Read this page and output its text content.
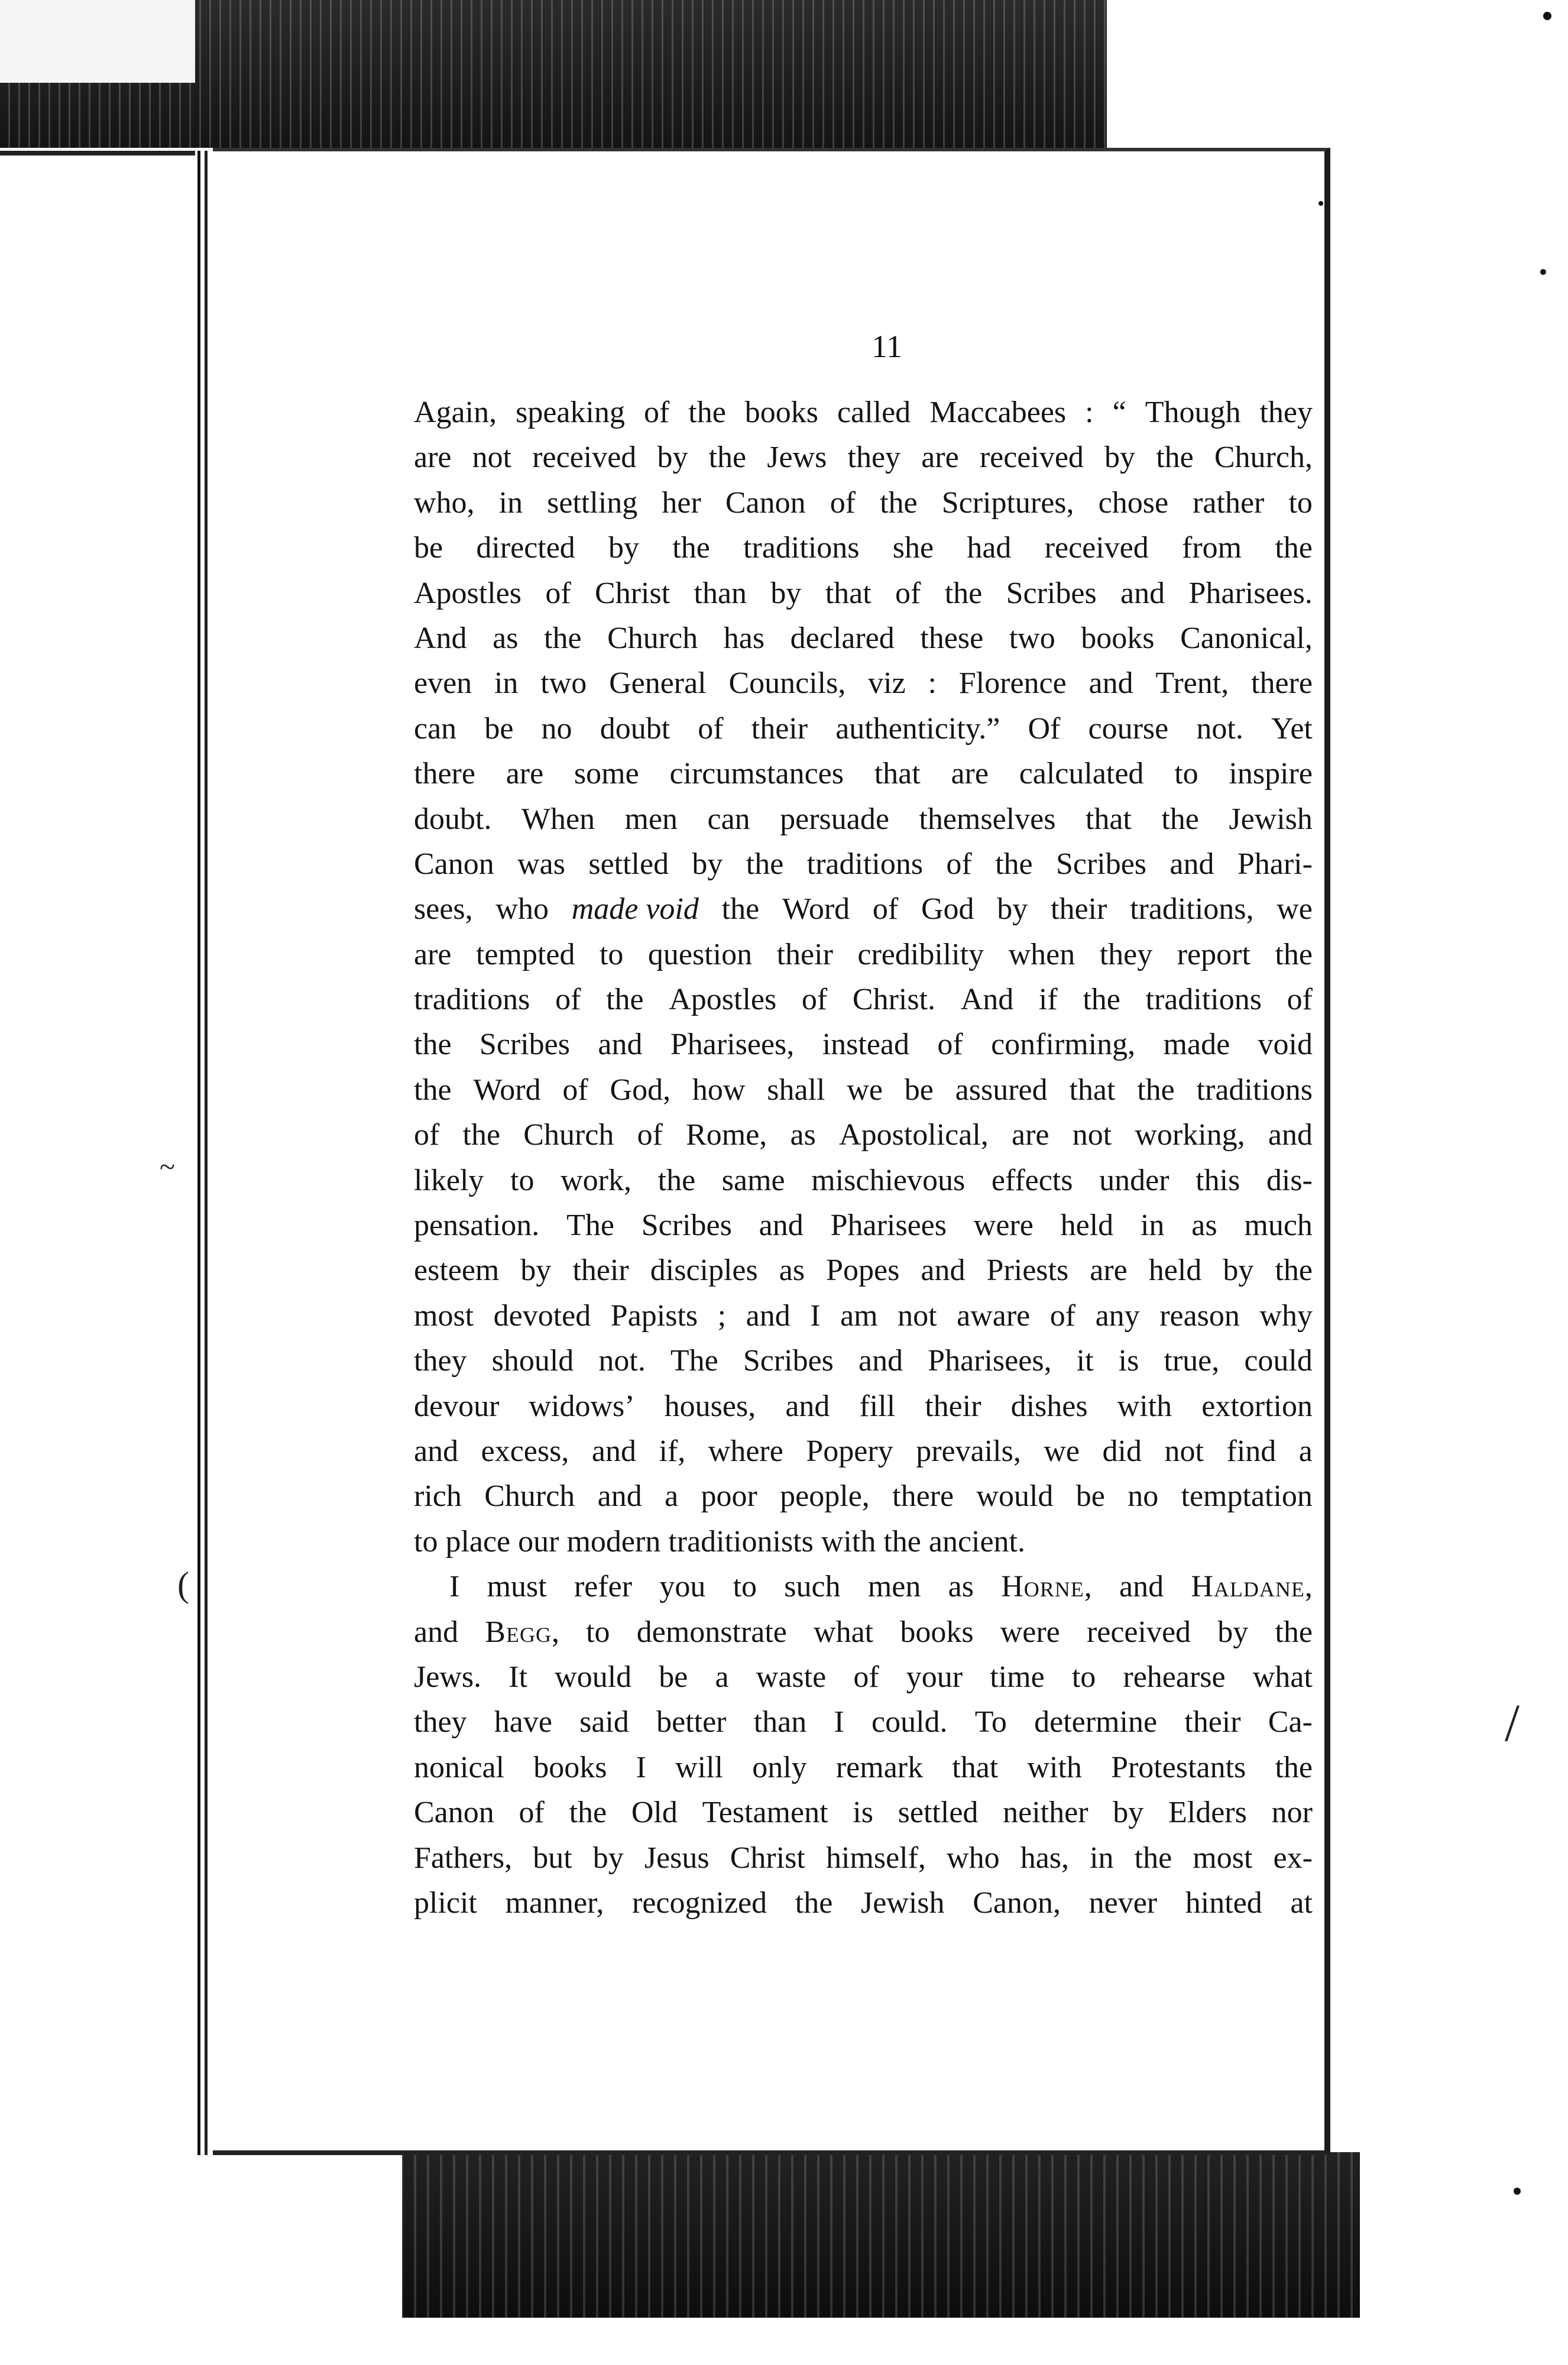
~
(
/
11
Again, speaking of the books called Maccabees : “ Though they
are not received by the Jews they are received by the Church,
who, in settling her Canon of the Scriptures, chose rather to
be directed by the traditions she had received from the
Apostles of Christ than by that of the Scribes and Pharisees.
And as the Church has declared these two books Canonical,
even in two General Councils, viz : Florence and Trent, there
can be no doubt of their authenticity.” Of course not. Yet
there are some circumstances that are calculated to inspire
doubt. When men can persuade themselves that the Jewish
Canon was settled by the traditions of the Scribes and Phari-
sees, who made void the Word of God by their traditions, we
are tempted to question their credibility when they report the
traditions of the Apostles of Christ. And if the traditions of
the Scribes and Pharisees, instead of confirming, made void
the Word of God, how shall we be assured that the traditions
of the Church of Rome, as Apostolical, are not working, and
likely to work, the same mischievous effects under this dis-
pensation. The Scribes and Pharisees were held in as much
esteem by their disciples as Popes and Priests are held by the
most devoted Papists ; and I am not aware of any reason why
they should not. The Scribes and Pharisees, it is true, could
devour widows’ houses, and fill their dishes with extortion
and excess, and if, where Popery prevails, we did not find a
rich Church and a poor people, there would be no temptation
to place our modern traditionists with the ancient.
I must refer you to such men as Horne, and Haldane,
and Begg, to demonstrate what books were received by the
Jews. It would be a waste of your time to rehearse what
they have said better than I could. To determine their Ca-
nonical books I will only remark that with Protestants the
Canon of the Old Testament is settled neither by Elders nor
Fathers, but by Jesus Christ himself, who has, in the most ex-
plicit manner, recognized the Jewish Canon, never hinted at
